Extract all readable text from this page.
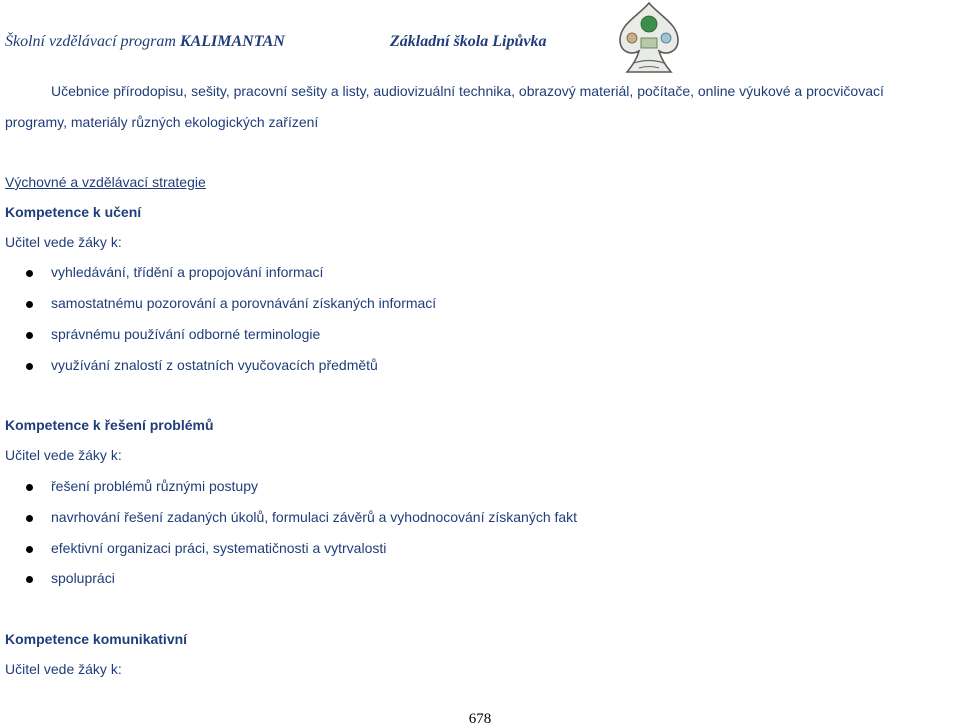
Školní vzdělávací program KALIMANTAN	Základní škola Lipůvka
Učebnice přírodopisu, sešity, pracovní sešity a listy, audiovizuální technika, obrazový materiál, počítače, online výukové a procvičovací
programy, materiály různých ekologických zařízení
Výchovné a vzdělávací strategie
Kompetence k učení
Učitel vede žáky k:
vyhledávání, třídění a propojování informací
samostatnému pozorování a porovnávání získaných informací
správnému používání odborné terminologie
využívání znalostí z ostatních vyučovacích předmětů
Kompetence k řešení problémů
Učitel vede žáky k:
řešení problémů různými postupy
navrhování řešení zadaných úkolů, formulaci závěrů a vyhodnocování získaných fakt
efektivní organizaci práci, systematičnosti a vytrvalosti
spolupráci
Kompetence komunikativní
Učitel vede žáky k:
678
